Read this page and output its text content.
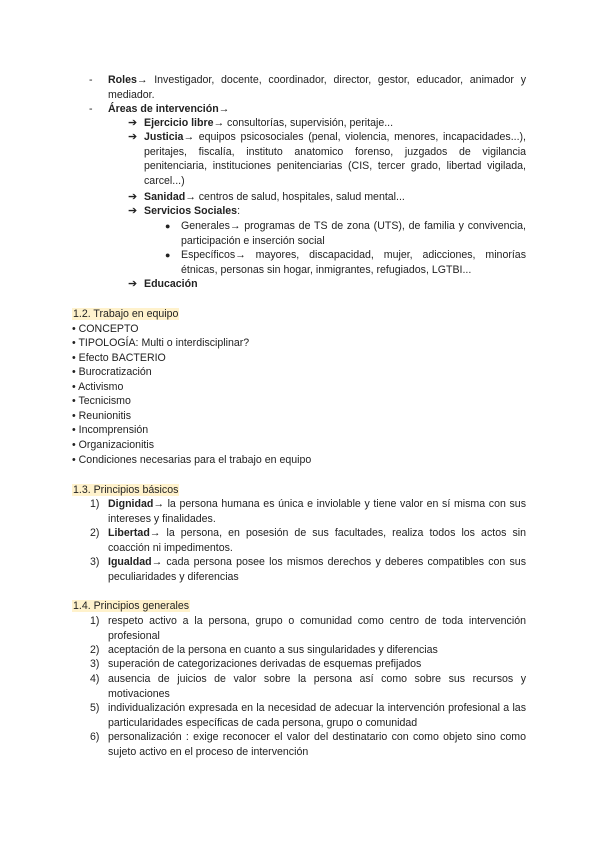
- Roles→ Investigador, docente, coordinador, director, gestor, educador, animador y mediador.
- Áreas de intervención→
➔ Ejercicio libre→ consultorías, supervisión, peritaje...
➔ Justicia→ equipos psicosociales (penal, violencia, menores, incapacidades...), peritajes, fiscalía, instituto anatomico forenso, juzgados de vigilancia penitenciaria, instituciones penitenciarias (CIS, tercer grado, libertad vigilada, carcel...)
➔ Sanidad→ centros de salud, hospitales, salud mental...
➔ Servicios Sociales:
● Generales→ programas de TS de zona (UTS), de familia y convivencia, participación e inserción social
● Específicos→ mayores, discapacidad, mujer, adicciones, minorías étnicas, personas sin hogar, inmigrantes, refugiados, LGTBI...
➔ Educación
1.2. Trabajo en equipo
• CONCEPTO
• TIPOLOGÍA: Multi o interdisciplinar?
• Efecto BACTERIO
• Burocratización
• Activismo
• Tecnicismo
• Reunionitis
• Incomprensión
• Organizacionitis
• Condiciones necesarias para el trabajo en equipo
1.3. Principios básicos
1) Dignidad→ la persona humana es única e inviolable y tiene valor en sí misma con sus intereses y finalidades.
2) Libertad→ la persona, en posesión de sus facultades, realiza todos los actos sin coacción ni impedimentos.
3) Igualdad→ cada persona posee los mismos derechos y deberes compatibles con sus peculiaridades y diferencias
1.4. Principios generales
1) respeto activo a la persona, grupo o comunidad como centro de toda intervención profesional
2) aceptación de la persona en cuanto a sus singularidades y diferencias
3) superación de categorizaciones derivadas de esquemas prefijados
4) ausencia de juicios de valor sobre la persona así como sobre sus recursos y motivaciones
5) individualización expresada en la necesidad de adecuar la intervención profesional a las particularidades específicas de cada persona, grupo o comunidad
6) personalización : exige reconocer el valor del destinatario con como objeto sino como sujeto activo en el proceso de intervención
